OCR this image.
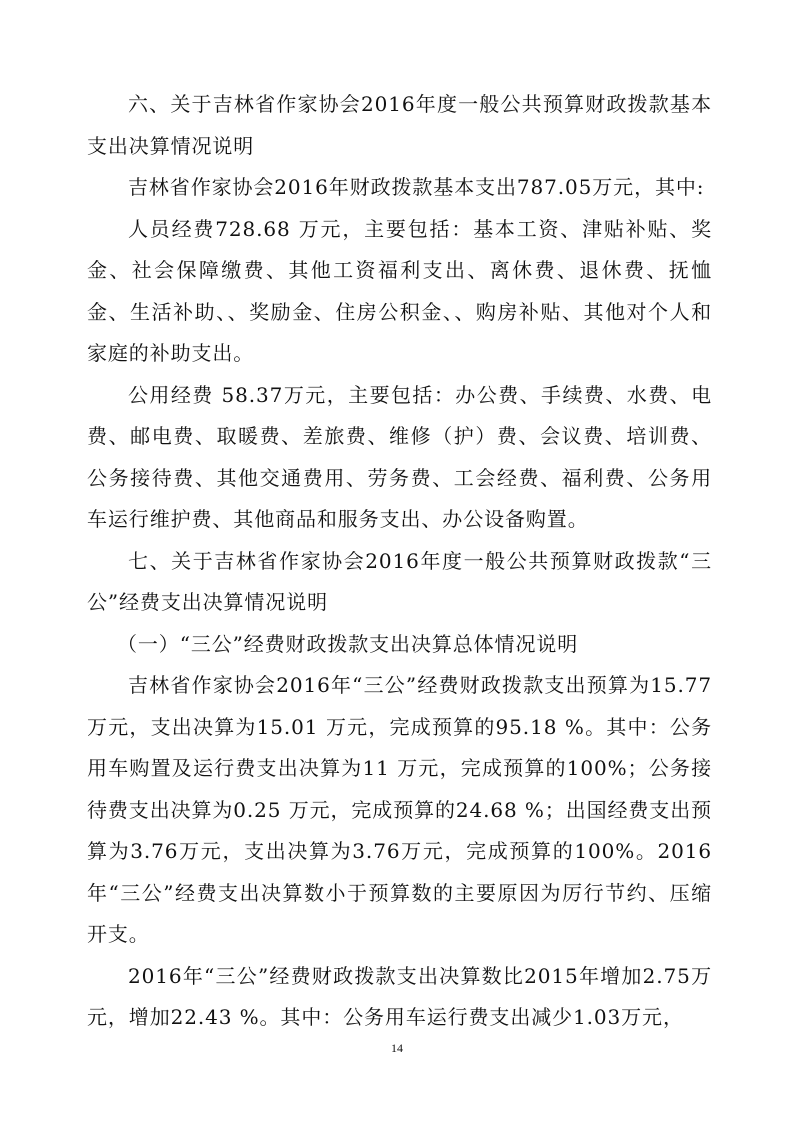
六、关于吉林省作家协会2016年度一般公共预算财政拨款基本支出决算情况说明

吉林省作家协会2016年财政拨款基本支出787.05万元，其中:

人员经费728.68 万元，主要包括：基本工资、津贴补贴、奖金、社会保障缴费、其他工资福利支出、离休费、退休费、抚恤金、生活补助、、奖励金、住房公积金、、购房补贴、其他对个人和家庭的补助支出。

公用经费 58.37万元，主要包括：办公费、手续费、水费、电费、邮电费、取暖费、差旅费、维修（护）费、会议费、培训费、公务接待费、其他交通费用、劳务费、工会经费、福利费、公务用车运行维护费、其他商品和服务支出、办公设备购置。

七、关于吉林省作家协会2016年度一般公共预算财政拨款“三公”经费支出决算情况说明

（一）“三公”经费财政拨款支出决算总体情况说明

吉林省作家协会2016年“三公”经费财政拨款支出预算为15.77万元，支出决算为15.01 万元，完成预算的95.18 %。其中：公务用车购置及运行费支出决算为11 万元，完成预算的100%；公务接待费支出决算为0.25 万元，完成预算的24.68 %；出国经费支出预算为3.76万元，支出决算为3.76万元，完成预算的100%。2016年“三公”经费支出决算数小于预算数的主要原因为厉行节约、压缩开支。

2016年“三公”经费财政拨款支出决算数比2015年增加2.75万元，增加22.43 %。其中：公务用车运行费支出减少1.03万元，

14
